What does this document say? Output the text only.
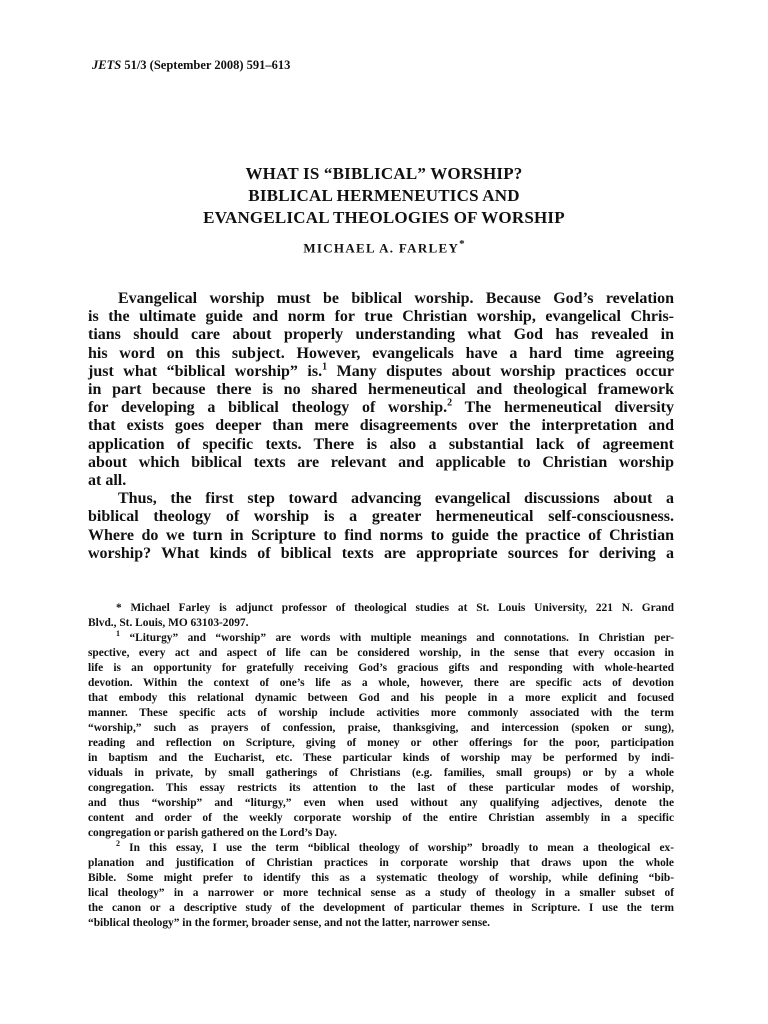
JETS 51/3 (September 2008) 591–613
WHAT IS “BIBLICAL” WORSHIP?
BIBLICAL HERMENEUTICS AND
EVANGELICAL THEOLOGIES OF WORSHIP
MICHAEL A. FARLEY*
Evangelical worship must be biblical worship. Because God’s revelation
is the ultimate guide and norm for true Christian worship, evangelical Chris-
tians should care about properly understanding what God has revealed in
his word on this subject. However, evangelicals have a hard time agreeing
just what “biblical worship” is.$^1$ Many disputes about worship practices occur
in part because there is no shared hermeneutical and theological framework
for developing a biblical theology of worship.$^2$ The hermeneutical diversity
that exists goes deeper than mere disagreements over the interpretation and
application of specific texts. There is also a substantial lack of agreement
about which biblical texts are relevant and applicable to Christian worship
at all.
Thus, the first step toward advancing evangelical discussions about a
biblical theology of worship is a greater hermeneutical self-consciousness.
Where do we turn in Scripture to find norms to guide the practice of Christian
worship? What kinds of biblical texts are appropriate sources for deriving a
* Michael Farley is adjunct professor of theological studies at St. Louis University, 221 N. Grand
Blvd., St. Louis, MO 63103-2097.
$^1$ “Liturgy” and “worship” are words with multiple meanings and connotations. In Christian per-
spective, every act and aspect of life can be considered worship, in the sense that every occasion in
life is an opportunity for gratefully receiving God’s gracious gifts and responding with whole-hearted
devotion. Within the context of one’s life as a whole, however, there are specific acts of devotion
that embody this relational dynamic between God and his people in a more explicit and focused
manner. These specific acts of worship include activities more commonly associated with the term
“worship,” such as prayers of confession, praise, thanksgiving, and intercession (spoken or sung),
reading and reflection on Scripture, giving of money or other offerings for the poor, participation
in baptism and the Eucharist, etc. These particular kinds of worship may be performed by indi-
viduals in private, by small gatherings of Christians (e.g. families, small groups) or by a whole
congregation. This essay restricts its attention to the last of these particular modes of worship,
and thus “worship” and “liturgy,” even when used without any qualifying adjectives, denote the
content and order of the weekly corporate worship of the entire Christian assembly in a specific
congregation or parish gathered on the Lord’s Day.
$^2$ In this essay, I use the term “biblical theology of worship” broadly to mean a theological ex-
planation and justification of Christian practices in corporate worship that draws upon the whole
Bible. Some might prefer to identify this as a systematic theology of worship, while defining “bib-
lical theology” in a narrower or more technical sense as a study of theology in a smaller subset of
the canon or a descriptive study of the development of particular themes in Scripture. I use the term
“biblical theology” in the former, broader sense, and not the latter, narrower sense.
